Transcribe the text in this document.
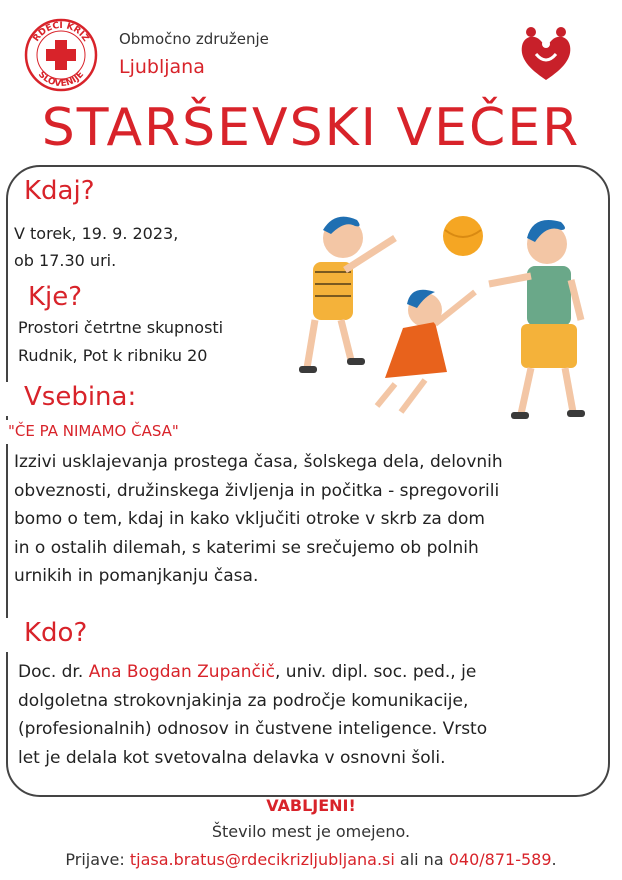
RDEČI KRIŽ
SLOVENIJE
Območno združenje
Ljubljana
STARŠEVSKI VEČER
Kdaj?
V torek, 19. 9. 2023,
ob 17.30 uri.
Kje?
Prostori četrtne skupnosti
Rudnik, Pot k ribniku 20
Vsebina:
"ČE PA NIMAMO ČASA"
Izzivi usklajevanja prostega časa, šolskega dela, delovnih
obveznosti, družinskega življenja in počitka - spregovorili
bomo o tem, kdaj in kako vključiti otroke v skrb za dom
in o ostalih dilemah, s katerimi se srečujemo ob polnih
urnikih in pomanjkanju časa.
Kdo?
Doc. dr. Ana Bogdan Zupančič, univ. dipl. soc. ped., je
dolgoletna strokovnjakinja za področje komunikacije,
(profesionalnih) odnosov in čustvene inteligence. Vrsto
let je delala kot svetovalna delavka v osnovni šoli.
VABLJENI!
Število mest je omejeno.
Prijave: tjasa.bratus@rdecikrizljubljana.si ali na 040/871-589.
